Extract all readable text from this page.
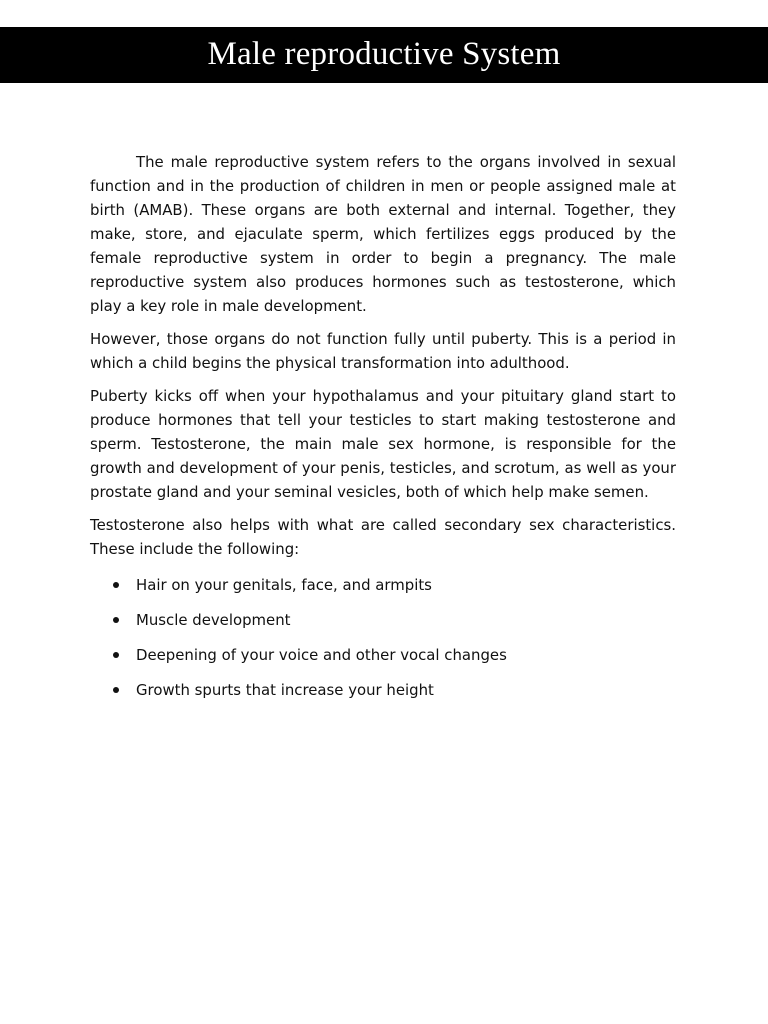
Male reproductive System

The male reproductive system refers to the organs involved in sexual function and in the production of children in men or people assigned male at birth (AMAB). These organs are both external and internal. Together, they make, store, and ejaculate sperm, which fertilizes eggs produced by the female reproductive system in order to begin a pregnancy. The male reproductive system also produces hormones such as testosterone, which play a key role in male development.

However, those organs do not function fully until puberty. This is a period in which a child begins the physical transformation into adulthood.

Puberty kicks off when your hypothalamus and your pituitary gland start to produce hormones that tell your testicles to start making testosterone and sperm. Testosterone, the main male sex hormone, is responsible for the growth and development of your penis, testicles, and scrotum, as well as your prostate gland and your seminal vesicles, both of which help make semen.

Testosterone also helps with what are called secondary sex characteristics. These include the following:

Hair on your genitals, face, and armpits
Muscle development
Deepening of your voice and other vocal changes
Growth spurts that increase your height
